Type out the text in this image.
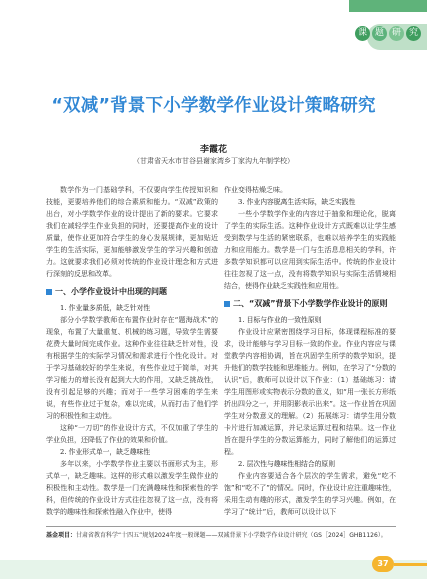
课 题 研 究
“双减”背景下小学数学作业设计策略研究
李霞花
（甘肃省天水市甘谷县谢家湾乡丁家沟九年制学校）

数学作为一门基础学科，不仅要向学生传授知识和技能，更要培养他们的综合素质和能力。“双减”政策的出台，对小学数学作业的设计提出了新的要求。它要求我们在减轻学生作业负担的同时，还要提高作业的设计质量，使作业更加符合学生的身心发展规律，更加贴近学生的生活实际，更加能够激发学生的学习兴趣和创造力。这就要求我们必须对传统的作业设计理念和方式进行深刻的反思和改革。

一、小学作业设计中出现的问题

1. 作业量多质低，缺乏针对性

部分小学数学教师在布置作业时存在“题海战术”的现象，布置了大量重复、机械的练习题，导致学生需要花费大量时间完成作业。这种作业往往缺乏针对性，没有根据学生的实际学习情况和需求进行个性化设计。对于学习基础较好的学生来说，有些作业过于简单，对其学习能力的增长没有起到大大的作用，又缺乏挑战性，没有引起足够的兴趣；而对于一些学习困难的学生来说，有些作业过于复杂，难以完成，从而打击了他们学习的积极性和主动性。

这种“一刀切”的作业设计方式，不仅加重了学生的学业负担，还降低了作业的效果和价值。

2. 作业形式单一，缺乏趣味性

多年以来，小学数学作业主要以书面形式为主，形式单一，缺乏趣味。这样的形式难以激发学生做作业的积极性和主动性。数学是一门充满趣味性和探索性的学科，但传统的作业设计方式往往忽视了这一点，没有将数学的趣味性和探索性融入作业中，使得

作业变得枯燥乏味。

3. 作业内容脱离生活实际，缺乏实践性

一些小学数学作业的内容过于抽象和理论化，脱离了学生的实际生活。这种作业设计方式既难以让学生感受到数学与生活的紧密联系，也难以培养学生的实践能力和应用能力。数学是一门与生活息息相关的学科，许多数学知识都可以应用到实际生活中。传统的作业设计往往忽视了这一点，没有将数学知识与实际生活情境相结合，使得作业缺乏实践性和应用性。

二、“双减”背景下小学数学作业设计的原则

1. 目标与作业的一致性原则

作业设计应紧密围绕学习目标，体现课程标准的要求，设计能够与学习目标一致的作业。作业内容应与课堂教学内容相协调，旨在巩固学生所学的数学知识，提升他们的数学技能和思维能力。例如，在学习了“分数的认识”后，教师可以设计以下作业：（1）基础练习：请学生用图形或实物表示分数的意义，如“用一张长方形纸折出四分之一，并用阴影表示出来”。这一作业旨在巩固学生对分数意义的理解。（2）拓展练习：请学生用分数卡片进行加减运算，并记录运算过程和结果。这一作业旨在提升学生的分数运算能力，同时了解他们的运算过程。

2. 层次性与趣味性相结合的原则

作业内容要适合各个层次的学生需求，避免“吃不饱”和“吃不了”的情况。同时，作业设计应注重趣味性，采用生动有趣的形式，激发学生的学习兴趣。例如，在学习了“统计”后，教师可以设计以下

基金项目：甘肃省教育科学“十四五”规划2024年度一般课题——双减背景下小学数学作业设计研究（GS［2024］GHB1126）。
37
